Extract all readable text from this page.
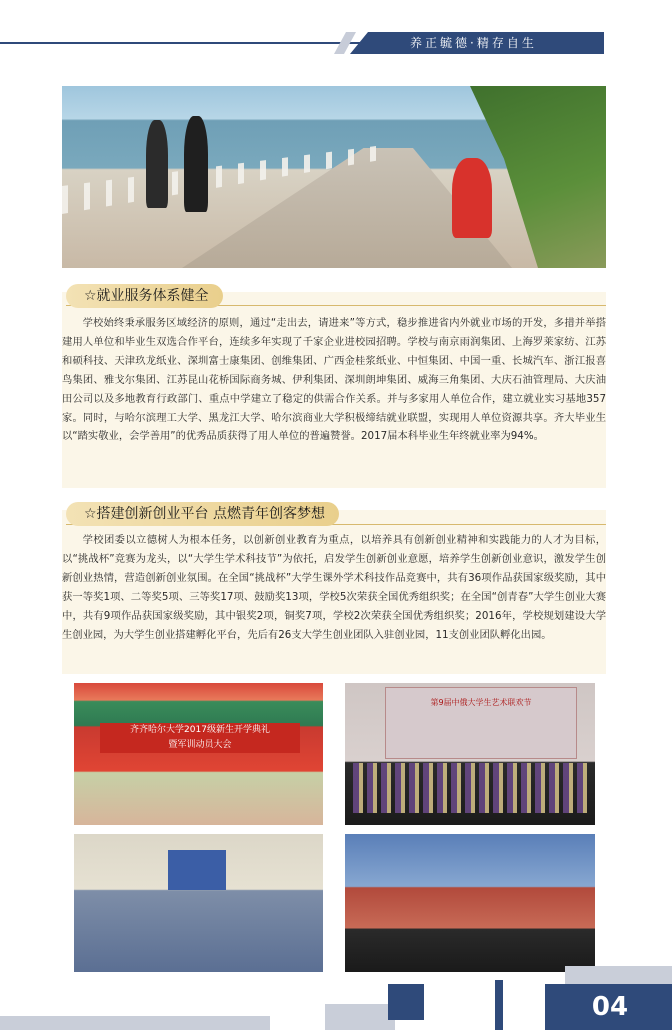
养正毓德·精存自生
☆就业服务体系健全

学校始终秉承服务区域经济的原则，通过“走出去，请进来”等方式，稳步推进省内外就业市场的开发，多措并举搭建用人单位和毕业生双选合作平台，连续多年实现了千家企业进校园招聘。学校与南京雨润集团、上海罗莱家纺、江苏和硕科技、天津玖龙纸业、深圳富士康集团、创维集团、广西金桂浆纸业、中恒集团、中国一重、长城汽车、浙江报喜鸟集团、雅戈尔集团、江苏昆山花桥国际商务城、伊利集团、深圳朗坤集团、威海三角集团、大庆石油管理局、大庆油田公司以及多地教育行政部门、重点中学建立了稳定的供需合作关系。并与多家用人单位合作，建立就业实习基地357家。同时，与哈尔滨理工大学、黑龙江大学、哈尔滨商业大学积极缔结就业联盟，实现用人单位资源共享。齐大毕业生以“踏实敬业，会学善用”的优秀品质获得了用人单位的普遍赞誉。2017届本科毕业生年终就业率为94%。

☆搭建创新创业平台 点燃青年创客梦想

学校团委以立德树人为根本任务，以创新创业教育为重点，以培养具有创新创业精神和实践能力的人才为目标，以“挑战杯”竞赛为龙头，以“大学生学术科技节”为依托，启发学生创新创业意愿，培养学生创新创业意识，激发学生创新创业热情，营造创新创业氛围。在全国“挑战杯”大学生课外学术科技作品竞赛中，共有36项作品获国家级奖励，其中获一等奖1项、二等奖5项、三等奖17项、鼓励奖13项，学校5次荣获全国优秀组织奖；在全国“创青春”大学生创业大赛中，共有9项作品获国家级奖励，其中银奖2项，铜奖7项，学校2次荣获全国优秀组织奖；2016年，学校规划建设大学生创业园，为大学生创业搭建孵化平台，先后有26支大学生创业团队入驻创业园，11支创业团队孵化出园。

齐齐哈尔大学2017级新生开学典礼
暨军训动员大会
第9届中俄大学生艺术联欢节
04
